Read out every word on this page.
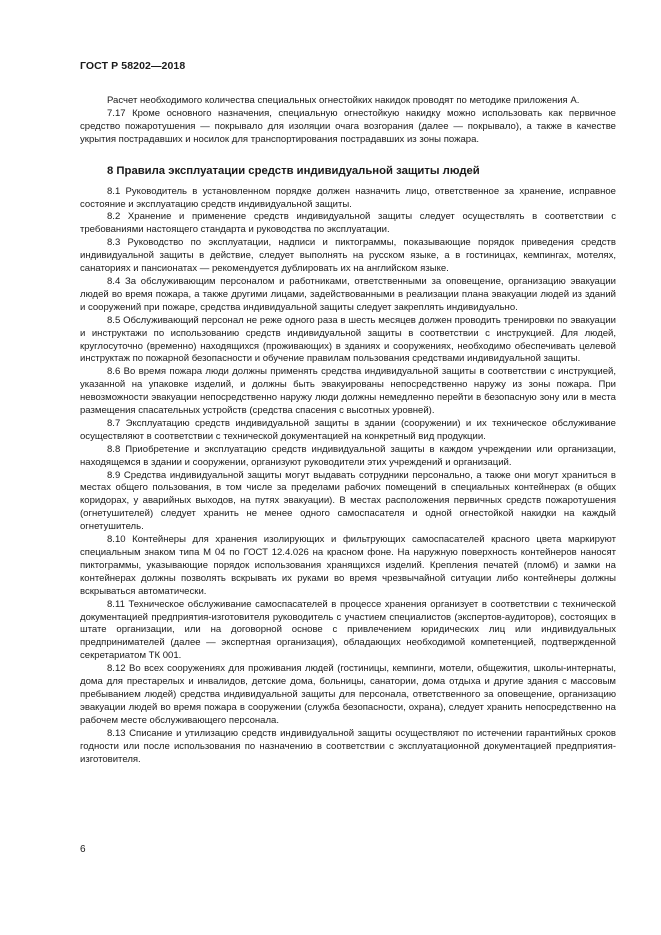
ГОСТ Р 58202—2018

Расчет необходимого количества специальных огнестойких накидок проводят по методике приложения А.

7.17 Кроме основного назначения, специальную огнестойкую накидку можно использовать как первичное средство пожаротушения — покрывало для изоляции очага возгорания (далее — покрывало), а также в качестве укрытия пострадавших и носилок для транспортирования пострадавших из зоны пожара.

8 Правила эксплуатации средств индивидуальной защиты людей

8.1 Руководитель в установленном порядке должен назначить лицо, ответственное за хранение, исправное состояние и эксплуатацию средств индивидуальной защиты.

8.2 Хранение и применение средств индивидуальной защиты следует осуществлять в соответствии с требованиями настоящего стандарта и руководства по эксплуатации.

8.3 Руководство по эксплуатации, надписи и пиктограммы, показывающие порядок приведения средств индивидуальной защиты в действие, следует выполнять на русском языке, а в гостиницах, кемпингах, мотелях, санаториях и пансионатах — рекомендуется дублировать их на английском языке.

8.4 За обслуживающим персоналом и работниками, ответственными за оповещение, организацию эвакуации людей во время пожара, а также другими лицами, задействованными в реализации плана эвакуации людей из зданий и сооружений при пожаре, средства индивидуальной защиты следует закреплять индивидуально.

8.5 Обслуживающий персонал не реже одного раза в шесть месяцев должен проводить тренировки по эвакуации и инструктажи по использованию средств индивидуальной защиты в соответствии с инструкцией. Для людей, круглосуточно (временно) находящихся (проживающих) в зданиях и сооружениях, необходимо обеспечивать целевой инструктаж по пожарной безопасности и обучение правилам пользования средствами индивидуальной защиты.

8.6 Во время пожара люди должны применять средства индивидуальной защиты в соответствии с инструкцией, указанной на упаковке изделий, и должны быть эвакуированы непосредственно наружу из зоны пожара. При невозможности эвакуации непосредственно наружу люди должны немедленно перейти в безопасную зону или в места размещения спасательных устройств (средства спасения с высотных уровней).

8.7 Эксплуатацию средств индивидуальной защиты в здании (сооружении) и их техническое обслуживание осуществляют в соответствии с технической документацией на конкретный вид продукции.

8.8 Приобретение и эксплуатацию средств индивидуальной защиты в каждом учреждении или организации, находящемся в здании и сооружении, организуют руководители этих учреждений и организаций.

8.9 Средства индивидуальной защиты могут выдавать сотрудники персонально, а также они могут храниться в местах общего пользования, в том числе за пределами рабочих помещений в специальных контейнерах (в общих коридорах, у аварийных выходов, на путях эвакуации). В местах расположения первичных средств пожаротушения (огнетушителей) следует хранить не менее одного самоспасателя и одной огнестойкой накидки на каждый огнетушитель.

8.10 Контейнеры для хранения изолирующих и фильтрующих самоспасателей красного цвета маркируют специальным знаком типа М 04 по ГОСТ 12.4.026 на красном фоне. На наружную поверхность контейнеров наносят пиктограммы, указывающие порядок использования хранящихся изделий. Крепления печатей (пломб) и замки на контейнерах должны позволять вскрывать их руками во время чрезвычайной ситуации либо контейнеры должны вскрываться автоматически.

8.11 Техническое обслуживание самоспасателей в процессе хранения организует в соответствии с технической документацией предприятия-изготовителя руководитель с участием специалистов (экспертов-аудиторов), состоящих в штате организации, или на договорной основе с привлечением юридических лиц или индивидуальных предпринимателей (далее — экспертная организация), обладающих необходимой компетенцией, подтвержденной секретариатом ТК 001.

8.12 Во всех сооружениях для проживания людей (гостиницы, кемпинги, мотели, общежития, школы-интернаты, дома для престарелых и инвалидов, детские дома, больницы, санатории, дома отдыха и другие здания с массовым пребыванием людей) средства индивидуальной защиты для персонала, ответственного за оповещение, организацию эвакуации людей во время пожара в сооружении (служба безопасности, охрана), следует хранить непосредственно на рабочем месте обслуживающего персонала.

8.13 Списание и утилизацию средств индивидуальной защиты осуществляют по истечении гарантийных сроков годности или после использования по назначению в соответствии с эксплуатационной документацией предприятия-изготовителя.

6
